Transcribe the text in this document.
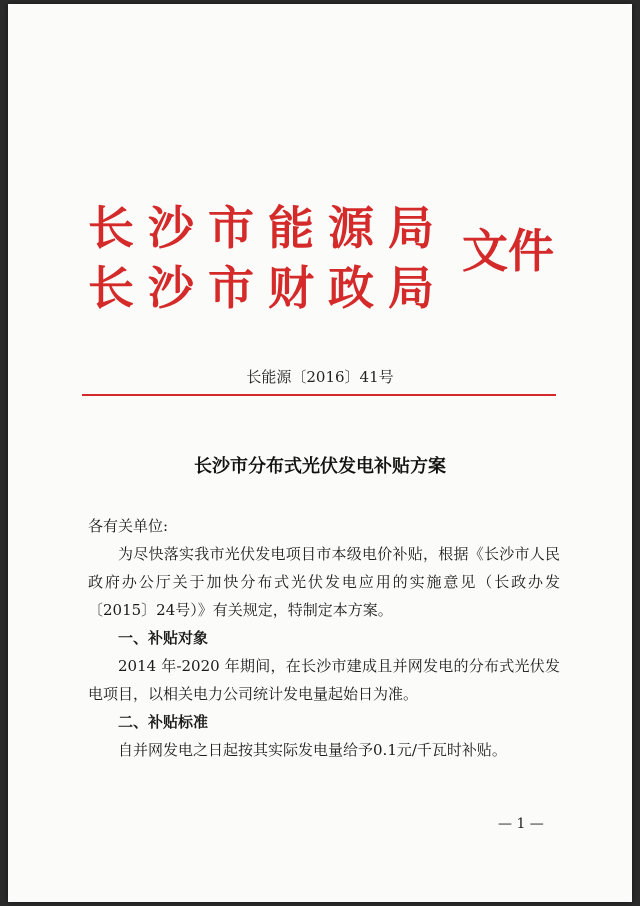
长沙市能源局
长沙市财政局
文件
长能源〔2016〕41号
长沙市分布式光伏发电补贴方案

各有关单位:

为尽快落实我市光伏发电项目市本级电价补贴，根据《长沙市人民政府办公厅关于加快分布式光伏发电应用的实施意见（长政办发〔2015〕24号）》有关规定，特制定本方案。

一、补贴对象

2014 年-2020 年期间，在长沙市建成且并网发电的分布式光伏发电项目，以相关电力公司统计发电量起始日为准。

二、补贴标准

自并网发电之日起按其实际发电量给予0.1元/千瓦时补贴。

— 1 —
